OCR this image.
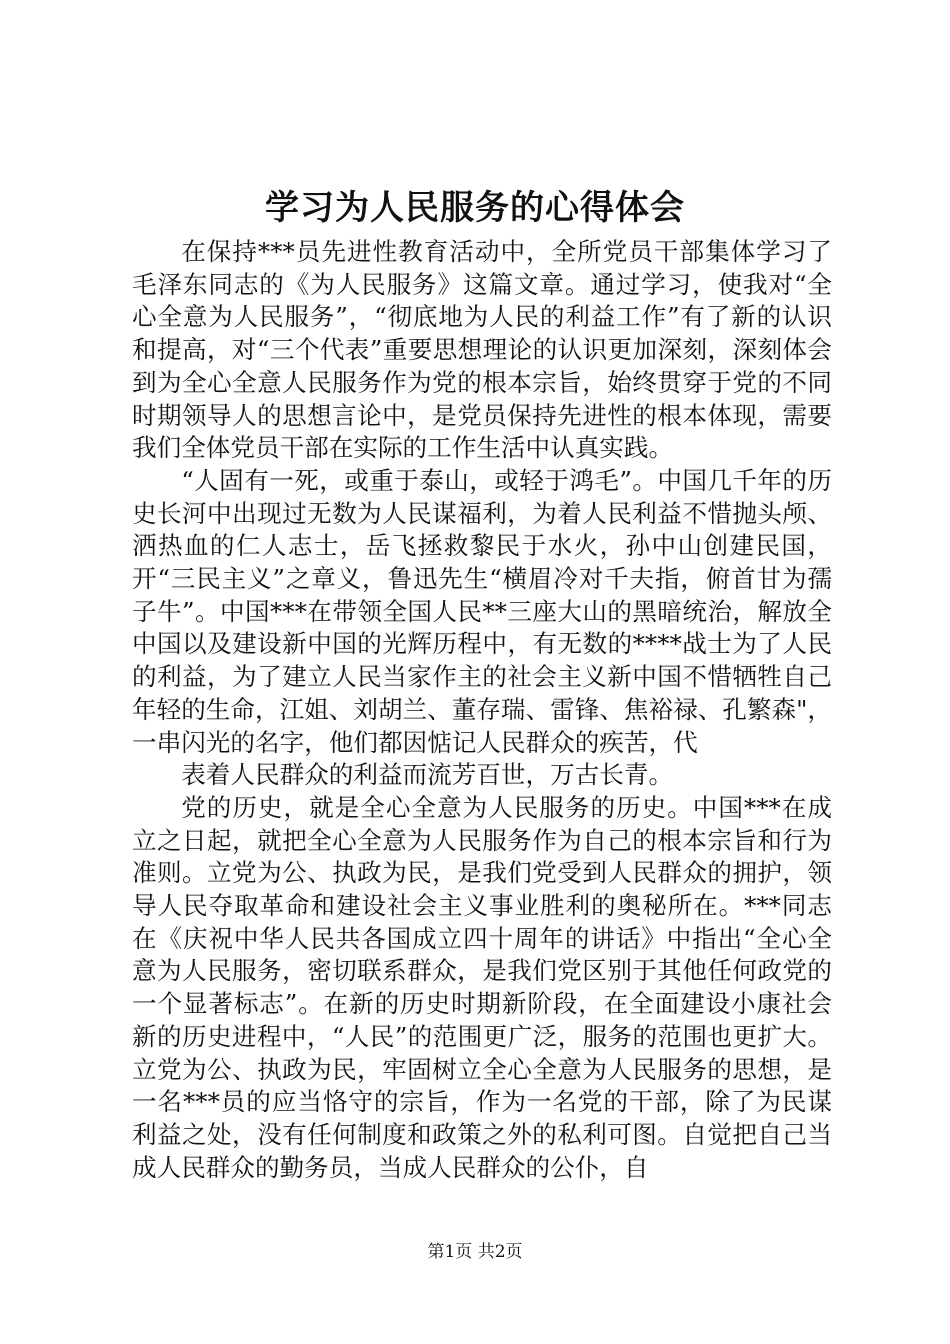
学习为人民服务的心得体会

在保持***员先进性教育活动中，全所党员干部集体学习了毛泽东同志的《为人民服务》这篇文章。通过学习，使我对“全心全意为人民服务”，“彻底地为人民的利益工作”有了新的认识和提高，对“三个代表”重要思想理论的认识更加深刻，深刻体会到为全心全意人民服务作为党的根本宗旨，始终贯穿于党的不同时期领导人的思想言论中，是党员保持先进性的根本体现，需要我们全体党员干部在实际的工作生活中认真实践。

“人固有一死，或重于泰山，或轻于鸿毛”。中国几千年的历史长河中出现过无数为人民谋福利，为着人民利益不惜抛头颅、洒热血的仁人志士，岳飞拯救黎民于水火，孙中山创建民国，开“三民主义”之章义，鲁迅先生“横眉冷对千夫指，俯首甘为孺子牛”。中国***在带领全国人民**三座大山的黑暗统治，解放全中国以及建设新中国的光辉历程中，有无数的****战士为了人民的利益，为了建立人民当家作主的社会主义新中国不惜牺牲自己年轻的生命，江姐、刘胡兰、董存瑞、雷锋、焦裕禄、孔繁森"，一串闪光的名字，他们都因惦记人民群众的疾苦，代

表着人民群众的利益而流芳百世，万古长青。

党的历史，就是全心全意为人民服务的历史。中国***在成立之日起，就把全心全意为人民服务作为自己的根本宗旨和行为准则。立党为公、执政为民，是我们党受到人民群众的拥护，领导人民夺取革命和建设社会主义事业胜利的奥秘所在。***同志在《庆祝中华人民共各国成立四十周年的讲话》中指出“全心全意为人民服务，密切联系群众，是我们党区别于其他任何政党的一个显著标志”。在新的历史时期新阶段，在全面建设小康社会新的历史进程中，“人民”的范围更广泛，服务的范围也更扩大。立党为公、执政为民，牢固树立全心全意为人民服务的思想，是一名***员的应当恪守的宗旨，作为一名党的干部，除了为民谋利益之处，没有任何制度和政策之外的私利可图。自觉把自己当成人民群众的勤务员，当成人民群众的公仆，自

第1页 共2页
